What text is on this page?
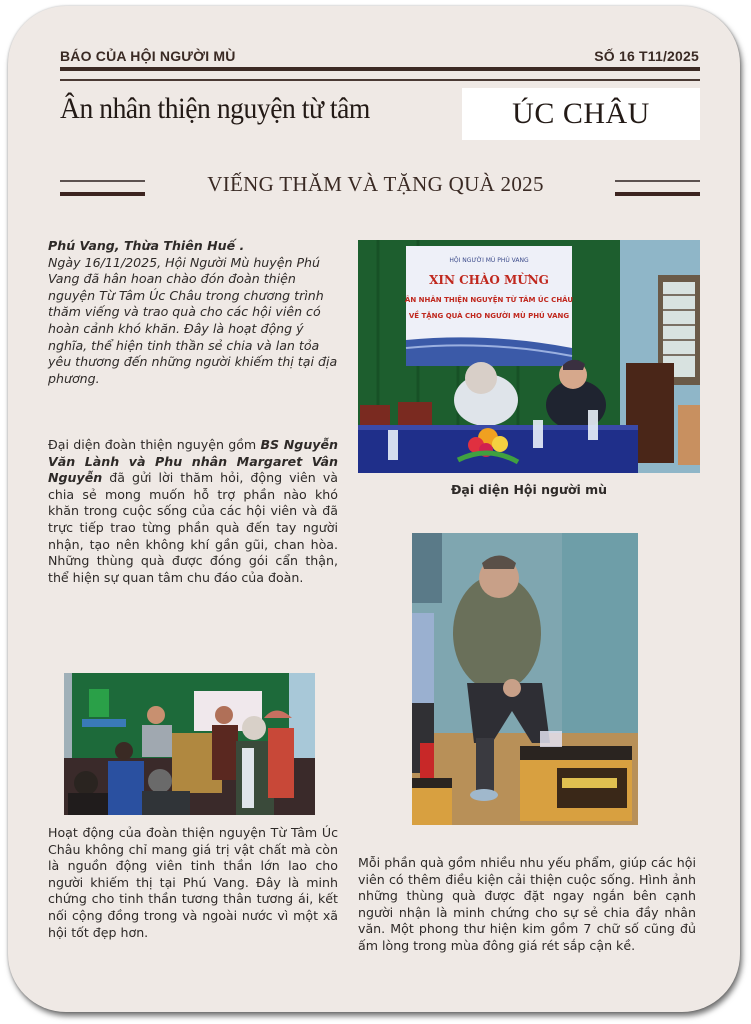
BÁO CỦA HỘI NGƯỜI MÙ	SỐ 16 T11/2025
Ân nhân thiện nguyện từ tâm	ÚC CHÂU
VIẾNG THĂM VÀ TẶNG QUÀ 2025
Phú Vang, Thừa Thiên Huế .

Ngày 16/11/2025, Hội Người Mù huyện Phú Vang đã hân hoan chào đón đoàn thiện nguyện Từ Tâm Úc Châu trong chương trình thăm viếng và trao quà cho các hội viên có hoàn cảnh khó khăn. Đây là hoạt động ý nghĩa, thể hiện tinh thần sẻ chia và lan tỏa yêu thương đến những người khiếm thị tại địa phương.

Đại diện đoàn thiện nguyện gồm BS Nguyễn Văn Lành và Phu nhân Margaret Vân Nguyễn đã gửi lời thăm hỏi, động viên và chia sẻ mong muốn hỗ trợ phần nào khó khăn trong cuộc sống của các hội viên và đã trực tiếp trao từng phần quà đến tay người nhận, tạo nên không khí gần gũi, chan hòa. Những thùng quà được đóng gói cẩn thận, thể hiện sự quan tâm chu đáo của đoàn.

HỘI NGƯỜI MÙ PHÚ VANG
XIN CHÀO MỪNG
ÂN NHÂN THIỆN NGUYỆN TỪ TÂM ÚC CHÂU
VỀ TẶNG QUÀ CHO NGƯỜI MÙ PHÚ VANG
Đại diện Hội người mù

Hoạt động của đoàn thiện nguyện Từ Tâm Úc Châu không chỉ mang giá trị vật chất mà còn là nguồn động viên tinh thần lớn lao cho người khiếm thị tại Phú Vang. Đây là minh chứng cho tinh thần tương thân tương ái, kết nối cộng đồng trong và ngoài nước vì một xã hội tốt đẹp hơn.

Mỗi phần quà gồm nhiều nhu yếu phẩm, giúp các hội viên có thêm điều kiện cải thiện cuộc sống. Hình ảnh những thùng quà được đặt ngay ngắn bên cạnh người nhận là minh chứng cho sự sẻ chia đầy nhân văn. Một phong thư hiện kim gồm 7 chữ số cũng đủ ấm lòng trong mùa đông giá rét sắp cận kề.
